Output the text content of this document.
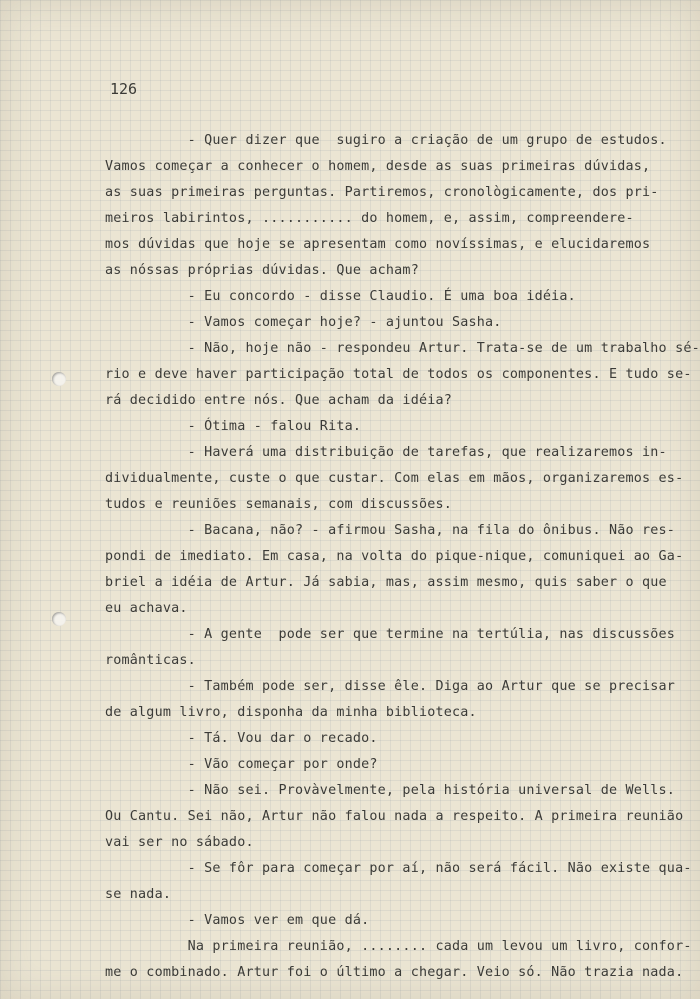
126

- Quer dizer que  sugiro a criação de um grupo de estudos.

Vamos começar a conhecer o homem, desde as suas primeiras dúvidas,

as suas primeiras perguntas. Partiremos, cronològicamente, dos pri-

meiros labirintos, ........... do homem, e, assim, compreendere-

mos dúvidas que hoje se apresentam como novíssimas, e elucidaremos

as nóssas próprias dúvidas. Que acham?

- Eu concordo - disse Claudio. É uma boa idéia.

- Vamos começar hoje? - ajuntou Sasha.

- Não, hoje não - respondeu Artur. Trata-se de um trabalho sé-

rio e deve haver participação total de todos os componentes. E tudo se-

rá decidido entre nós. Que acham da idéia?

- Ótima - falou Rita.

- Haverá uma distribuição de tarefas, que realizaremos in-

dividualmente, custe o que custar. Com elas em mãos, organizaremos es-

tudos e reuniões semanais, com discussões.

- Bacana, não? - afirmou Sasha, na fila do ônibus. Não res-

pondi de imediato. Em casa, na volta do pique-nique, comuniquei ao Ga-

briel a idéia de Artur. Já sabia, mas, assim mesmo, quis saber o que

eu achava.

- A gente  pode ser que termine na tertúlia, nas discussões

românticas.

- Também pode ser, disse êle. Diga ao Artur que se precisar

de algum livro, disponha da minha biblioteca.

- Tá. Vou dar o recado.

- Vão começar por onde?

- Não sei. Provàvelmente, pela história universal de Wells.

Ou Cantu. Sei não, Artur não falou nada a respeito. A primeira reunião

vai ser no sábado.

- Se fôr para começar por aí, não será fácil. Não existe qua-

se nada.

- Vamos ver em que dá.

Na primeira reunião, ........ cada um levou um livro, confor-

me o combinado. Artur foi o último a chegar. Veio só. Não trazia nada.
